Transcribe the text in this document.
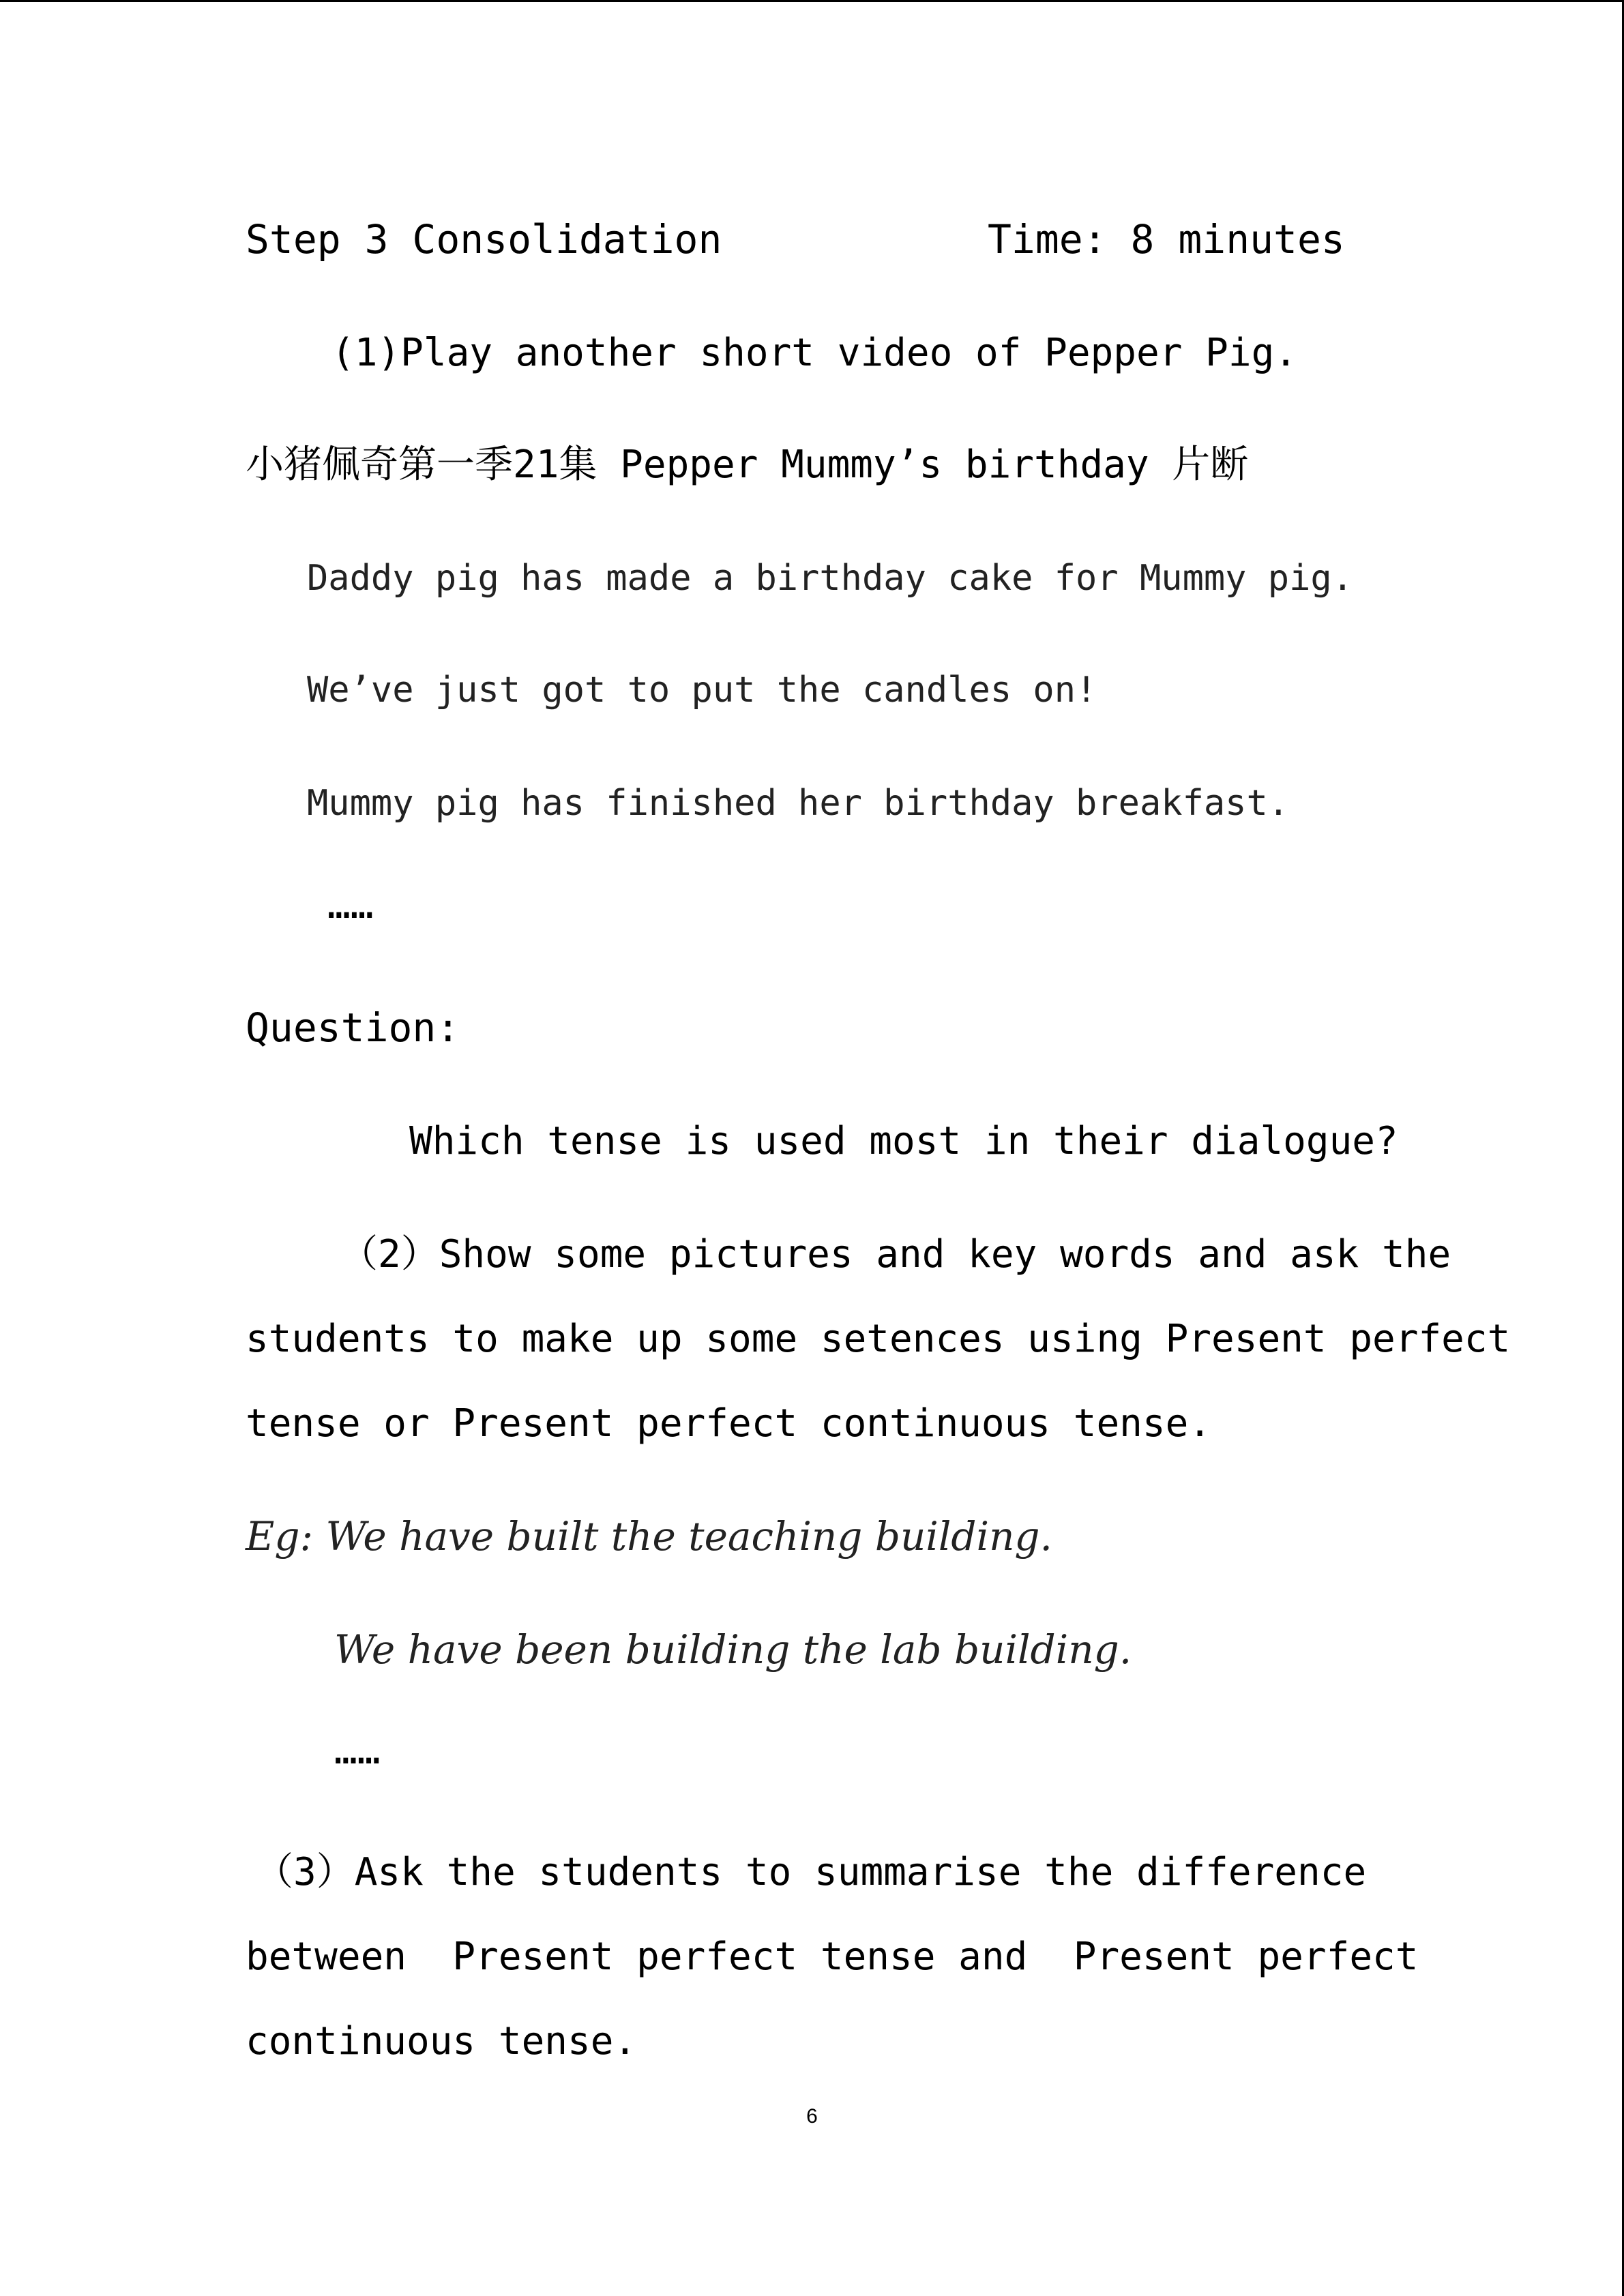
Step 3 Consolidation	Time: 8 minutes
(1)Play another short video of Pepper Pig.
小猪佩奇第一季21集 Pepper Mummy’s birthday 片断
Daddy pig has made a birthday cake for Mummy pig.
We’ve just got to put the candles on!
Mummy pig has finished her birthday breakfast.
……
Question:
Which tense is used most in their dialogue?
（2）Show some pictures and key words and ask the
students to make up some setences using Present perfect
tense or Present perfect continuous tense.
Eg: We have built the teaching building.
We have been building the lab building.
……
（3）Ask the students to summarise the difference
between  Present perfect tense and  Present perfect
continuous tense.
6
